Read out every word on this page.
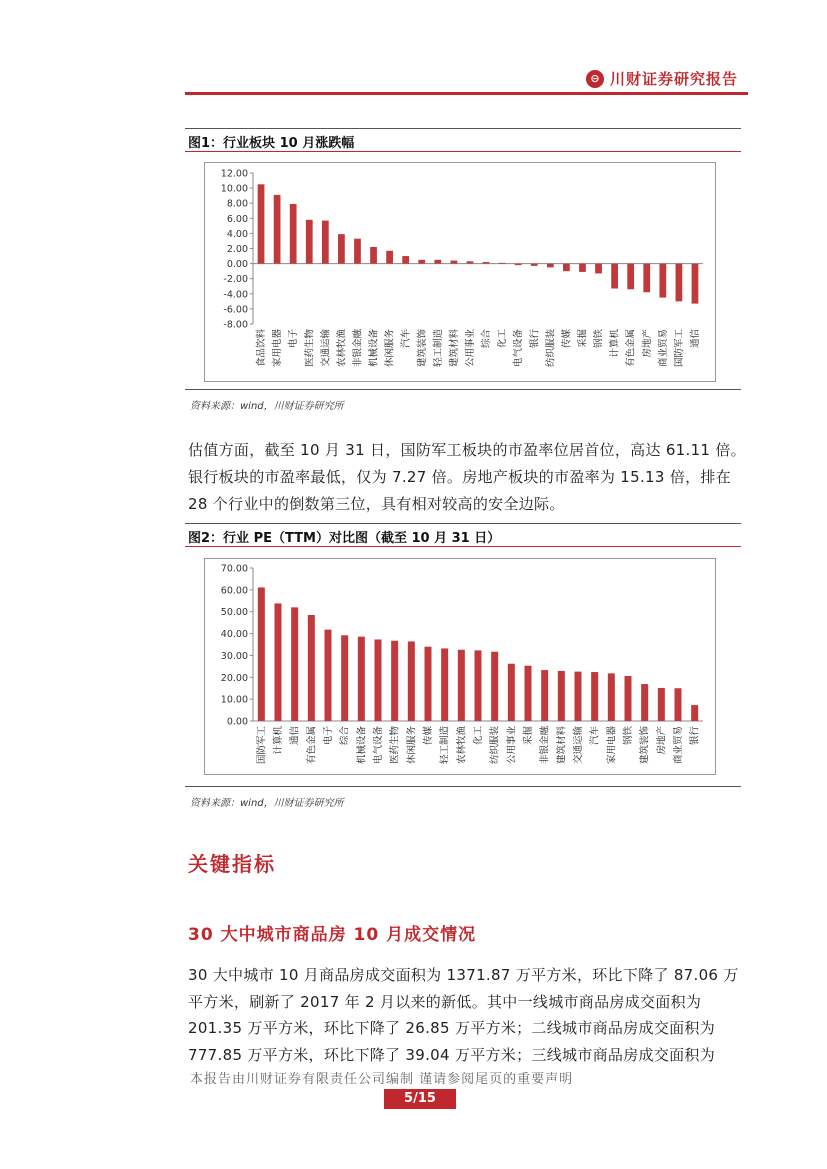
⊝ 川财证券研究报告
图1：行业板块 10 月涨跌幅
12.00
10.00
8.00
6.00
4.00
2.00
0.00
-2.00
-4.00
-6.00
-8.00
食品饮料 家用电器 电子 医药生物 交通运输 农林牧渔 非银金融 机械设备 休闲服务 汽车 建筑装饰 轻工制造 建筑材料 公用事业 综合 化工 电气设备 银行 纺织服装 传媒 采掘 钢铁 计算机 有色金属 房地产 商业贸易 国防军工 通信
资料来源：wind，川财证券研究所
估值方面，截至 10 月 31 日，国防军工板块的市盈率位居首位，高达 61.11 倍。银行板块的市盈率最低，仅为 7.27 倍。房地产板块的市盈率为 15.13 倍，排在 28 个行业中的倒数第三位，具有相对较高的安全边际。
图2：行业 PE（TTM）对比图（截至 10 月 31 日）
70.00
60.00
50.00
40.00
30.00
20.00
10.00
0.00
国防军工 计算机 通信 有色金属 电子 综合 机械设备 电气设备 医药生物 休闲服务 传媒 轻工制造 农林牧渔 化工 纺织服装 公用事业 采掘 非银金融 建筑材料 交通运输 汽车 家用电器 钢铁 建筑装饰 房地产 商业贸易 银行
资料来源：wind，川财证券研究所
关键指标
30 大中城市商品房 10 月成交情况
30 大中城市 10 月商品房成交面积为 1371.87 万平方米，环比下降了 87.06 万平方米，刷新了 2017 年 2 月以来的新低。其中一线城市商品房成交面积为 201.35 万平方米，环比下降了 26.85 万平方米；二线城市商品房成交面积为 777.85 万平方米，环比下降了 39.04 万平方米；三线城市商品房成交面积为
本报告由川财证券有限责任公司编制 谨请参阅尾页的重要声明
5/15
